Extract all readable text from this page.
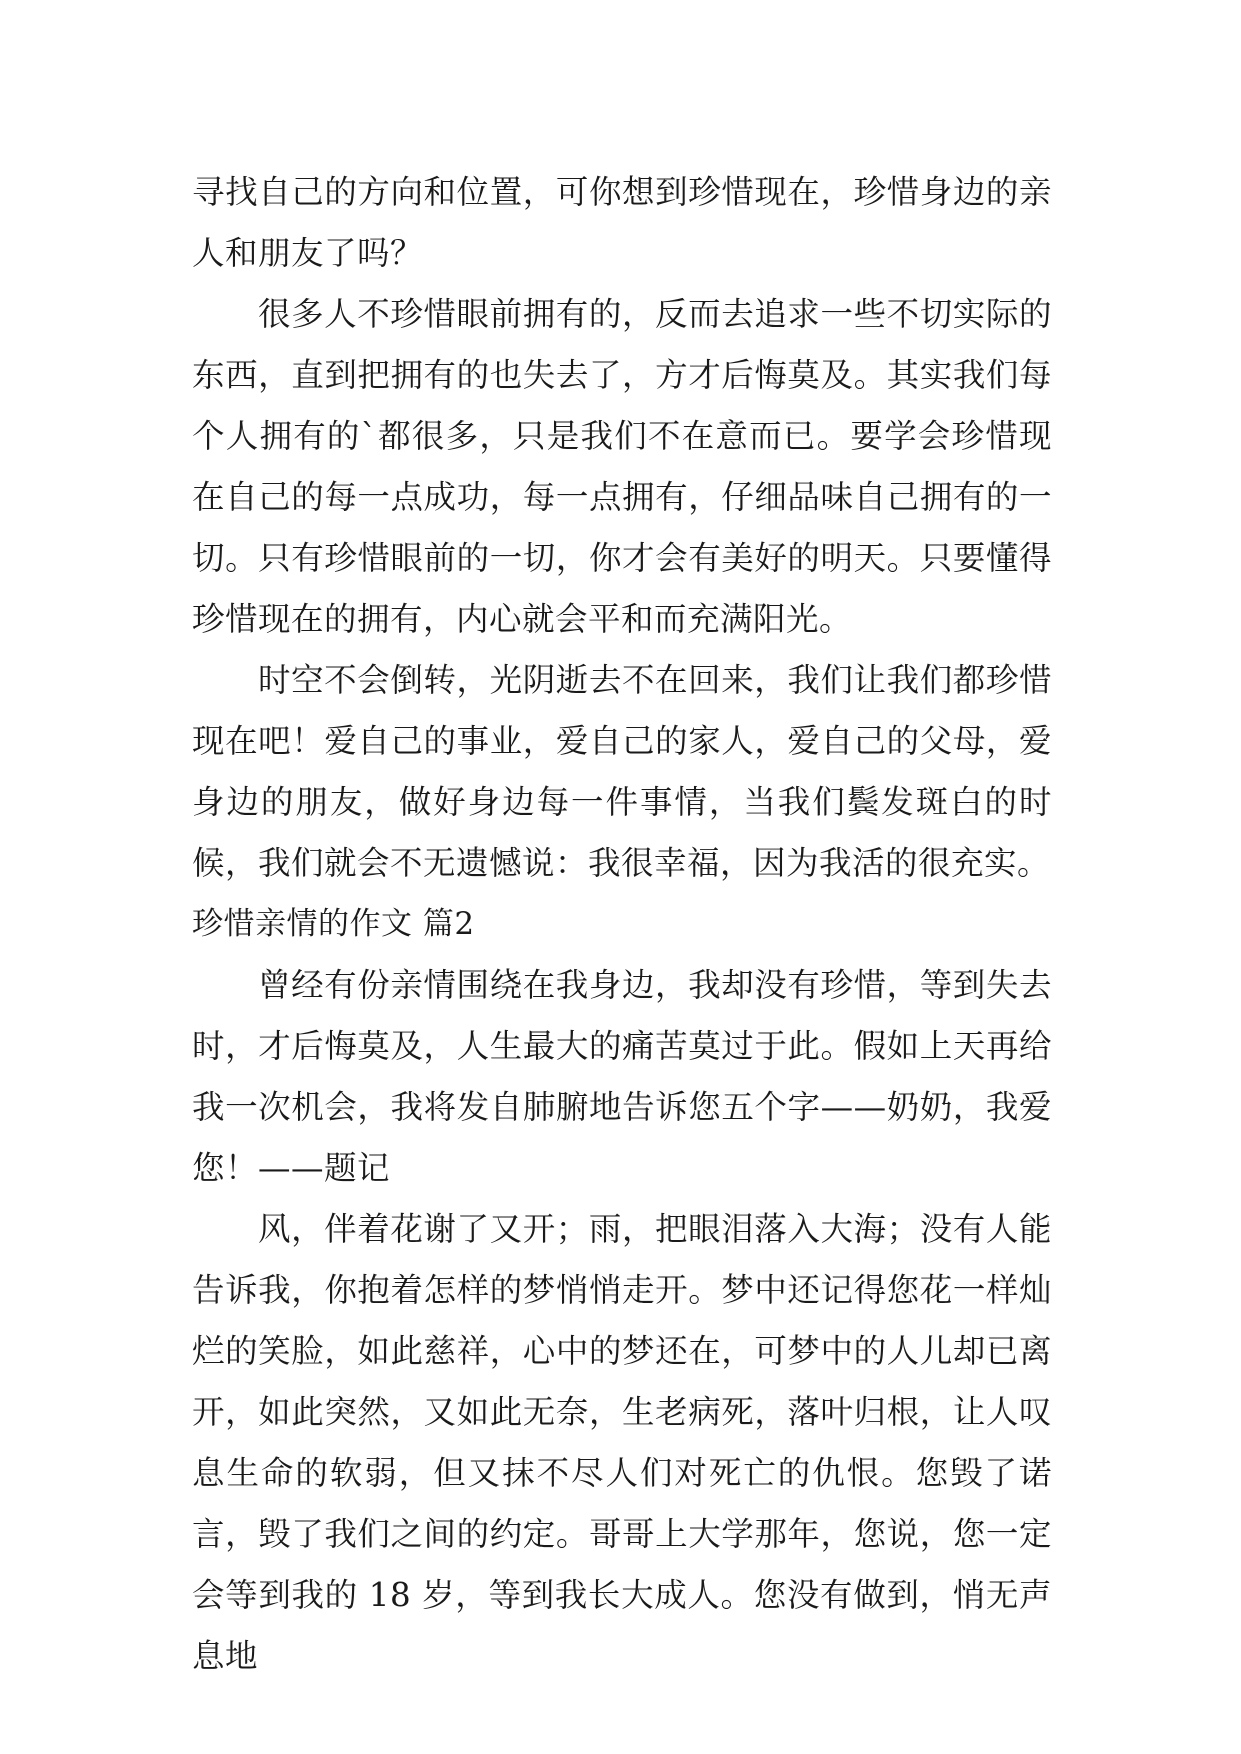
寻找自己的方向和位置，可你想到珍惜现在，珍惜身边的亲人和朋友了吗？

很多人不珍惜眼前拥有的，反而去追求一些不切实际的东西，直到把拥有的也失去了，方才后悔莫及。其实我们每个人拥有的`都很多，只是我们不在意而已。要学会珍惜现在自己的每一点成功，每一点拥有，仔细品味自己拥有的一切。只有珍惜眼前的一切，你才会有美好的明天。只要懂得珍惜现在的拥有，内心就会平和而充满阳光。

时空不会倒转，光阴逝去不在回来，我们让我们都珍惜现在吧！爱自己的事业，爱自己的家人，爱自己的父母，爱身边的朋友，做好身边每一件事情，当我们鬓发斑白的时候，我们就会不无遗憾说：我很幸福，因为我活的很充实。

珍惜亲情的作文 篇2

曾经有份亲情围绕在我身边，我却没有珍惜，等到失去时，才后悔莫及，人生最大的痛苦莫过于此。假如上天再给我一次机会，我将发自肺腑地告诉您五个字——奶奶，我爱您！——题记

风，伴着花谢了又开；雨，把眼泪落入大海；没有人能告诉我，你抱着怎样的梦悄悄走开。梦中还记得您花一样灿烂的笑脸，如此慈祥，心中的梦还在，可梦中的人儿却已离开，如此突然，又如此无奈，生老病死，落叶归根，让人叹息生命的软弱，但又抹不尽人们对死亡的仇恨。您毁了诺言，毁了我们之间的约定。哥哥上大学那年，您说，您一定会等到我的 18 岁，等到我长大成人。您没有做到，悄无声息地
